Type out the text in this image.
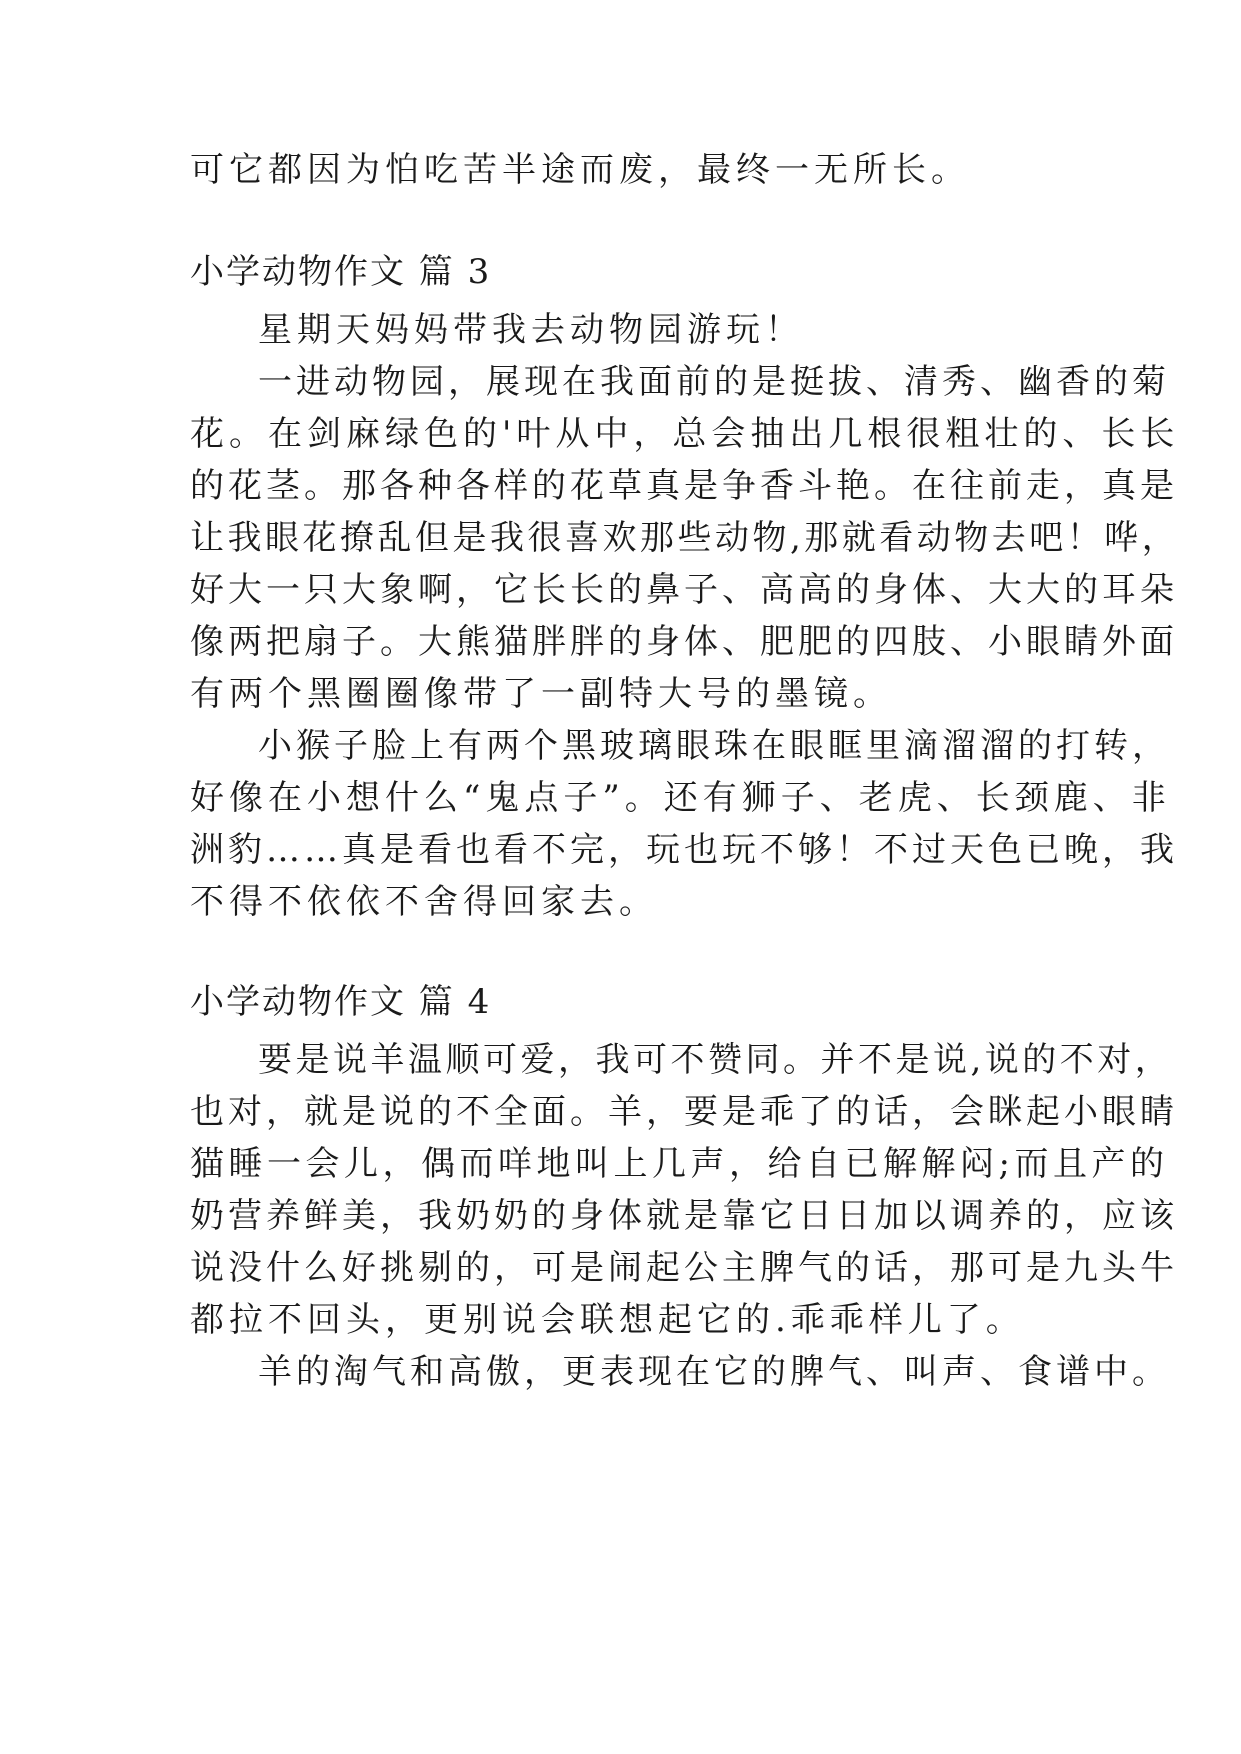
可它都因为怕吃苦半途而废，最终一无所长。
小学动物作文 篇 3
星期天妈妈带我去动物园游玩！
一进动物园，展现在我面前的是挺拔、清秀、幽香的菊
花。在剑麻绿色的'叶从中，总会抽出几根很粗壮的、长长
的花茎。那各种各样的花草真是争香斗艳。在往前走，真是
让我眼花撩乱但是我很喜欢那些动物,那就看动物去吧！哗，
好大一只大象啊，它长长的鼻子、高高的身体、大大的耳朵
像两把扇子。大熊猫胖胖的身体、肥肥的四肢、小眼睛外面
有两个黑圈圈像带了一副特大号的墨镜。
小猴子脸上有两个黑玻璃眼珠在眼眶里滴溜溜的打转，
好像在小想什么“鬼点子”。还有狮子、老虎、长颈鹿、非
洲豹……真是看也看不完，玩也玩不够！不过天色已晚，我
不得不依依不舍得回家去。
小学动物作文 篇 4
要是说羊温顺可爱，我可不赞同。并不是说,说的不对，
也对，就是说的不全面。羊，要是乖了的话，会眯起小眼睛
猫睡一会儿，偶而咩地叫上几声，给自已解解闷;而且产的
奶营养鲜美，我奶奶的身体就是靠它日日加以调养的，应该
说没什么好挑剔的，可是闹起公主脾气的话，那可是九头牛
都拉不回头，更别说会联想起它的.乖乖样儿了。
羊的淘气和高傲，更表现在它的脾气、叫声、食谱中。
